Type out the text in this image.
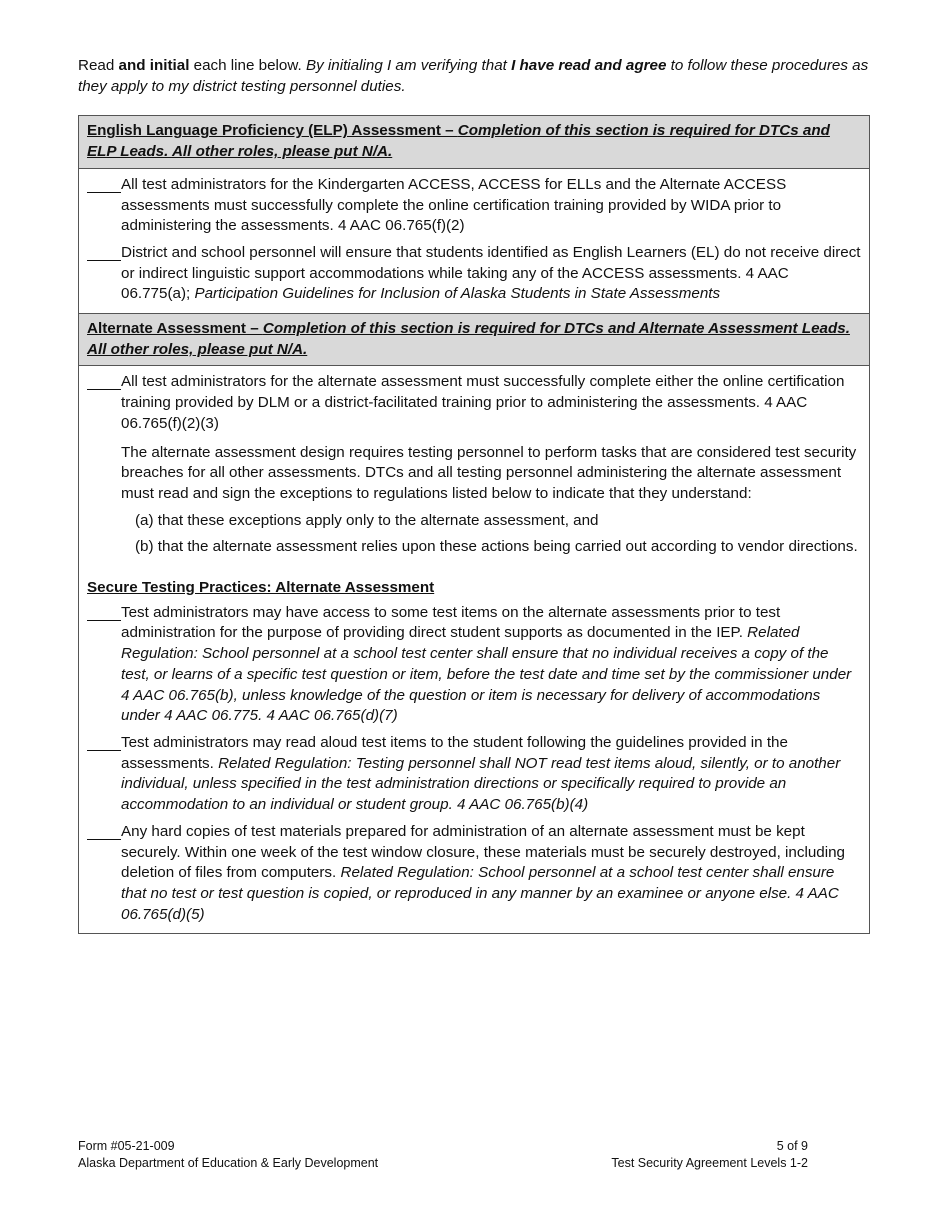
Read and initial each line below. By initialing I am verifying that I have read and agree to follow these procedures as they apply to my district testing personnel duties.

English Language Proficiency (ELP) Assessment – Completion of this section is required for DTCs and ELP Leads. All other roles, please put N/A.
All test administrators for the Kindergarten ACCESS, ACCESS for ELLs and the Alternate ACCESS assessments must successfully complete the online certification training provided by WIDA prior to administering the assessments. 4 AAC 06.765(f)(2)
District and school personnel will ensure that students identified as English Learners (EL) do not receive direct or indirect linguistic support accommodations while taking any of the ACCESS assessments. 4 AAC 06.775(a); Participation Guidelines for Inclusion of Alaska Students in State Assessments
Alternate Assessment – Completion of this section is required for DTCs and Alternate Assessment Leads. All other roles, please put N/A.
All test administrators for the alternate assessment must successfully complete either the online certification training provided by DLM or a district-facilitated training prior to administering the assessments. 4 AAC 06.765(f)(2)(3)
The alternate assessment design requires testing personnel to perform tasks that are considered test security breaches for all other assessments. DTCs and all testing personnel administering the alternate assessment must read and sign the exceptions to regulations listed below to indicate that they understand:
(a) that these exceptions apply only to the alternate assessment, and
(b) that the alternate assessment relies upon these actions being carried out according to vendor directions.
Secure Testing Practices: Alternate Assessment
Test administrators may have access to some test items on the alternate assessments prior to test administration for the purpose of providing direct student supports as documented in the IEP. Related Regulation: School personnel at a school test center shall ensure that no individual receives a copy of the test, or learns of a specific test question or item, before the test date and time set by the commissioner under 4 AAC 06.765(b), unless knowledge of the question or item is necessary for delivery of accommodations under 4 AAC 06.775. 4 AAC 06.765(d)(7)
Test administrators may read aloud test items to the student following the guidelines provided in the assessments. Related Regulation: Testing personnel shall NOT read test items aloud, silently, or to another individual, unless specified in the test administration directions or specifically required to provide an accommodation to an individual or student group. 4 AAC 06.765(b)(4)
Any hard copies of test materials prepared for administration of an alternate assessment must be kept securely. Within one week of the test window closure, these materials must be securely destroyed, including deletion of files from computers. Related Regulation: School personnel at a school test center shall ensure that no test or test question is copied, or reproduced in any manner by an examinee or anyone else. 4 AAC 06.765(d)(5)
Form #05-21-009
Alaska Department of Education & Early Development
5 of 9
Test Security Agreement Levels 1-2
